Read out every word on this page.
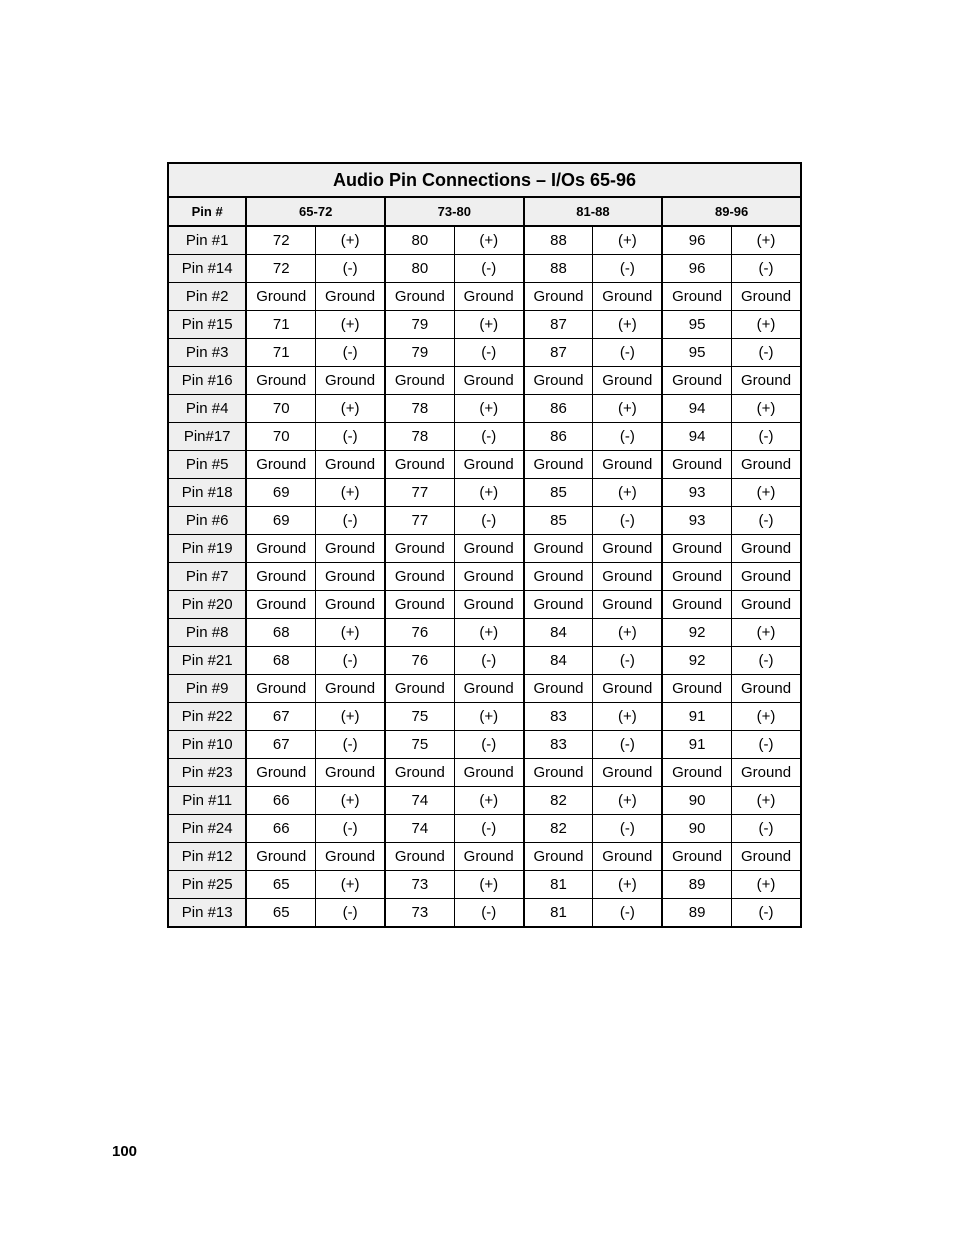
Audio Pin Connections – I/Os 65-96								
Pin #	65-72		73-80		81-88		89-96	
Pin #1	72	(+)	80	(+)	88	(+)	96	(+)
Pin #14	72	(-)	80	(-)	88	(-)	96	(-)
Pin #2	Ground	Ground	Ground	Ground	Ground	Ground	Ground	Ground
Pin #15	71	(+)	79	(+)	87	(+)	95	(+)
Pin #3	71	(-)	79	(-)	87	(-)	95	(-)
Pin #16	Ground	Ground	Ground	Ground	Ground	Ground	Ground	Ground
Pin #4	70	(+)	78	(+)	86	(+)	94	(+)
Pin#17	70	(-)	78	(-)	86	(-)	94	(-)
Pin #5	Ground	Ground	Ground	Ground	Ground	Ground	Ground	Ground
Pin #18	69	(+)	77	(+)	85	(+)	93	(+)
Pin #6	69	(-)	77	(-)	85	(-)	93	(-)
Pin #19	Ground	Ground	Ground	Ground	Ground	Ground	Ground	Ground
Pin #7	Ground	Ground	Ground	Ground	Ground	Ground	Ground	Ground
Pin #20	Ground	Ground	Ground	Ground	Ground	Ground	Ground	Ground
Pin #8	68	(+)	76	(+)	84	(+)	92	(+)
Pin #21	68	(-)	76	(-)	84	(-)	92	(-)
Pin #9	Ground	Ground	Ground	Ground	Ground	Ground	Ground	Ground
Pin #22	67	(+)	75	(+)	83	(+)	91	(+)
Pin #10	67	(-)	75	(-)	83	(-)	91	(-)
Pin #23	Ground	Ground	Ground	Ground	Ground	Ground	Ground	Ground
Pin #11	66	(+)	74	(+)	82	(+)	90	(+)
Pin #24	66	(-)	74	(-)	82	(-)	90	(-)
Pin #12	Ground	Ground	Ground	Ground	Ground	Ground	Ground	Ground
Pin #25	65	(+)	73	(+)	81	(+)	89	(+)
Pin #13	65	(-)	73	(-)	81	(-)	89	(-)
100
